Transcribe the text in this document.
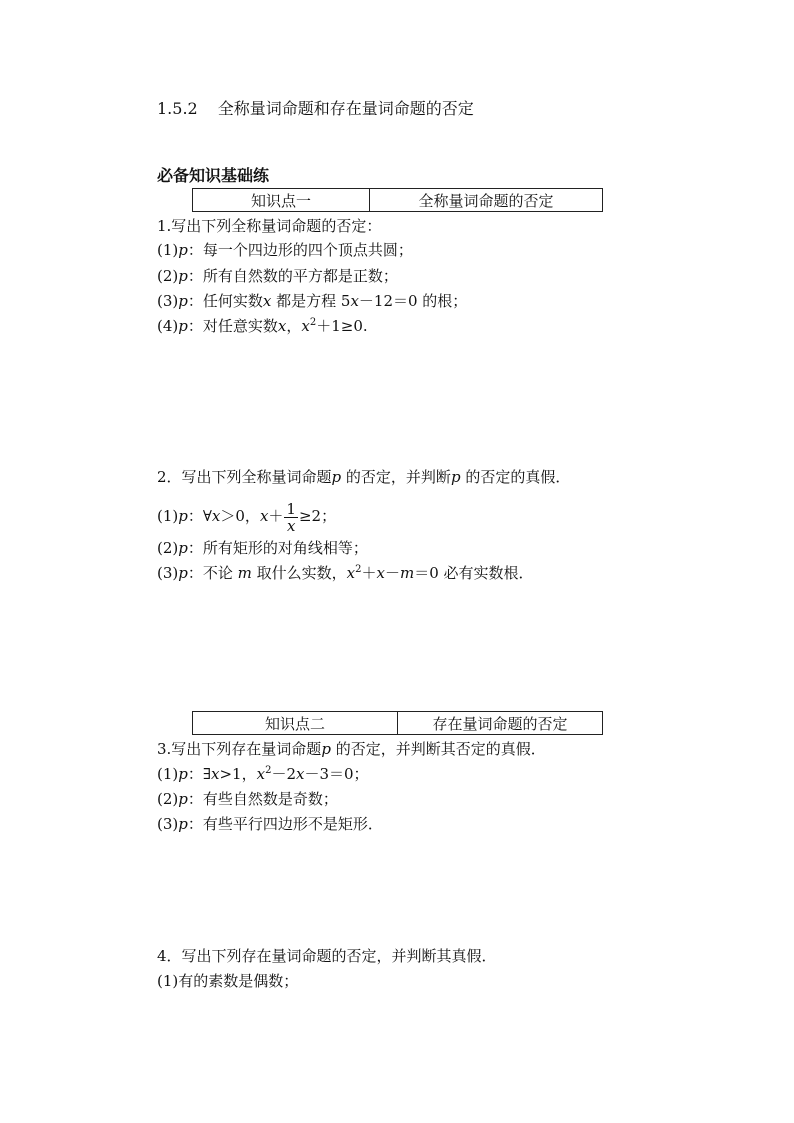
1.5.2 全称量词命题和存在量词命题的否定
必备知识基础练
知识点一	全称量词命题的否定
1.写出下列全称量词命题的否定：
(1)p：每一个四边形的四个顶点共圆；
(2)p：所有自然数的平方都是正数；
(3)p：任何实数x 都是方程 5x－12＝0 的根；
(4)p：对任意实数x，$x^2+1\ge 0$.
2．写出下列全称量词命题p 的否定，并判断p 的否定的真假．
(1)p：∀x＞0，$x+ \frac{1}{x} \ge 2$；
(2)p：所有矩形的对角线相等；
(3)p：不论 m 取什么实数，$x^2+x-m=0$ 必有实数根．
知识点二	存在量词命题的否定
3.写出下列存在量词命题p 的否定，并判断其否定的真假．
(1)p：∃x>1，$x^2-2x-3=0$；
(2)p：有些自然数是奇数；
(3)p：有些平行四边形不是矩形．
4．写出下列存在量词命题的否定，并判断其真假．
(1)有的素数是偶数；
